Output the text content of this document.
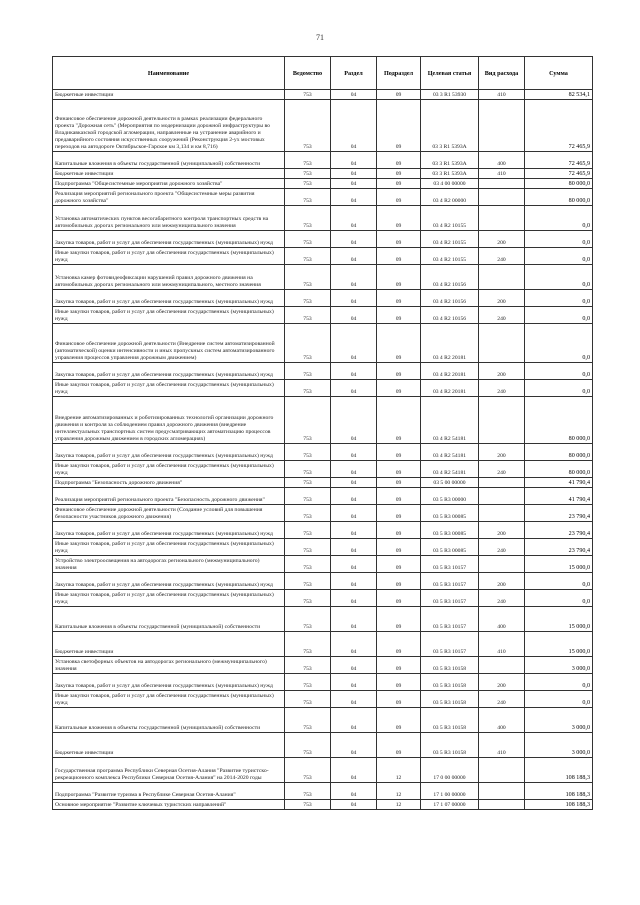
71
Наименование	Ведомство	Раздел	Подраздел	Целевая статья	Вид расхода	Сумма
Бюджетные инвестиции	753	04	09	03 3 R1 53930	410	82 534,1
Финансовое обеспечение дорожной деятельности в рамках реализации федерального проекта "Дорожная сеть" (Мероприятия по модернизации дорожной инфраструктуры во Владикавказской городской агломерации, направленные на устранение аварийного и предаварийного состояния искусственных сооружений (Реконструкция 2-ух мостовых переходов на автодороге Октябрьское-Гарское км 3,134 и км 8,716)	753	04	09	03 3 R1 5393A		72 465,9
Капитальные вложения в объекты государственной (муниципальной) собственности	753	04	09	03 3 R1 5393A	400	72 465,9
Бюджетные инвестиции	753	04	09	03 3 R1 5393A	410	72 465,9
Подпрограмма "Общесистемные мероприятия дорожного хозяйства"	753	04	09	03 4 00 00000		80 000,0
Реализация мероприятий регионального проекта "Общесистемные меры развития дорожного хозяйства"	753	04	09	03 4 R2 00000		80 000,0
Установка автоматических пунктов весогабаритного контроля транспортных средств на автомобильных дорогах регионального или межмуниципального значения	753	04	09	03 4 R2 10155		0,0
Закупка товаров, работ и услуг для обеспечения государственных (муниципальных) нужд	753	04	09	03 4 R2 10155	200	0,0
Иные закупки товаров, работ и услуг для обеспечения государственных (муниципальных) нужд	753	04	09	03 4 R2 10155	240	0,0
Установка камер фотовидеофиксации нарушений правил дорожного движения на автомобильных дорогах регионального или межмуниципального, местного значения	753	04	09	03 4 R2 10156		0,0
Закупка товаров, работ и услуг для обеспечения государственных (муниципальных) нужд	753	04	09	03 4 R2 10156	200	0,0
Иные закупки товаров, работ и услуг для обеспечения государственных (муниципальных) нужд	753	04	09	03 4 R2 10156	240	0,0
Финансовое обеспечение дорожной деятельности (Внедрение систем автоматизированной (автоматической) оценки интенсивности и иных пропускных систем автоматизированного управления процессов управления дорожным движением)	753	04	09	03 4 R2 20181		0,0
Закупка товаров, работ и услуг для обеспечения государственных (муниципальных) нужд	753	04	09	03 4 R2 20181	200	0,0
Иные закупки товаров, работ и услуг для обеспечения государственных (муниципальных) нужд	753	04	09	03 4 R2 20181	240	0,0
Внедрение автоматизированных и роботизированных технологий организации дорожного движения и контроля за соблюдением правил дорожного движения (внедрение интеллектуальных транспортных систем предусматривающих автоматизацию процессов управления дорожным движением в городских агломерациях)	753	04	09	03 4 R2 54181		80 000,0
Закупка товаров, работ и услуг для обеспечения государственных (муниципальных) нужд	753	04	09	03 4 R2 54181	200	80 000,0
Иные закупки товаров, работ и услуг для обеспечения государственных (муниципальных) нужд	753	04	09	03 4 R2 54181	240	80 000,0
Подпрограмма "Безопасность дорожного движения"	753	04	09	03 5 00 00000		41 790,4
Реализация мероприятий регионального проекта "Безопасность дорожного движения"	753	04	09	03 5 R3 00000		41 790,4
Финансовое обеспечение дорожной деятельности (Создание условий для повышения безопасности участников дорожного движения)	753	04	09	03 5 R3 00085		23 790,4
Закупка товаров, работ и услуг для обеспечения государственных (муниципальных) нужд	753	04	09	03 5 R3 00085	200	23 790,4
Иные закупки товаров, работ и услуг для обеспечения государственных (муниципальных) нужд	753	04	09	03 5 R3 00085	240	23 790,4
Устройство электроосвещения на автодорогах регионального (межмуниципального) значения	753	04	09	03 5 R3 10157		15 000,0
Закупка товаров, работ и услуг для обеспечения государственных (муниципальных) нужд	753	04	09	03 5 R3 10157	200	0,0
Иные закупки товаров, работ и услуг для обеспечения государственных (муниципальных) нужд	753	04	09	03 5 R3 10157	240	0,0
Капитальные вложения в объекты государственной (муниципальной) собственности	753	04	09	03 5 R3 10157	400	15 000,0
Бюджетные инвестиции	753	04	09	03 5 R3 10157	410	15 000,0
Установка светофорных объектов на автодорогах регионального (межмуниципального) значения	753	04	09	03 5 R3 10158		3 000,0
Закупка товаров, работ и услуг для обеспечения государственных (муниципальных) нужд	753	04	09	03 5 R3 10158	200	0,0
Иные закупки товаров, работ и услуг для обеспечения государственных (муниципальных) нужд	753	04	09	03 5 R3 10158	240	0,0
Капитальные вложения в объекты государственной (муниципальной) собственности	753	04	09	03 5 R3 10158	400	3 000,0
Бюджетные инвестиции	753	04	09	03 5 R3 10158	410	3 000,0
Государственная программа Республики Северная Осетия-Алания "Развитие туристско-рекреационного комплекса Республики Северная Осетия-Алания" на 2014-2020 годы	753	04	12	17 0 00 00000		108 188,3
Подпрограмма "Развитие туризма в Республике Северная Осетия-Алания"	753	04	12	17 1 00 00000		108 188,3
Основное мероприятие "Развитие ключевых туристских направлений"	753	04	12	17 1 07 00000		108 188,3
